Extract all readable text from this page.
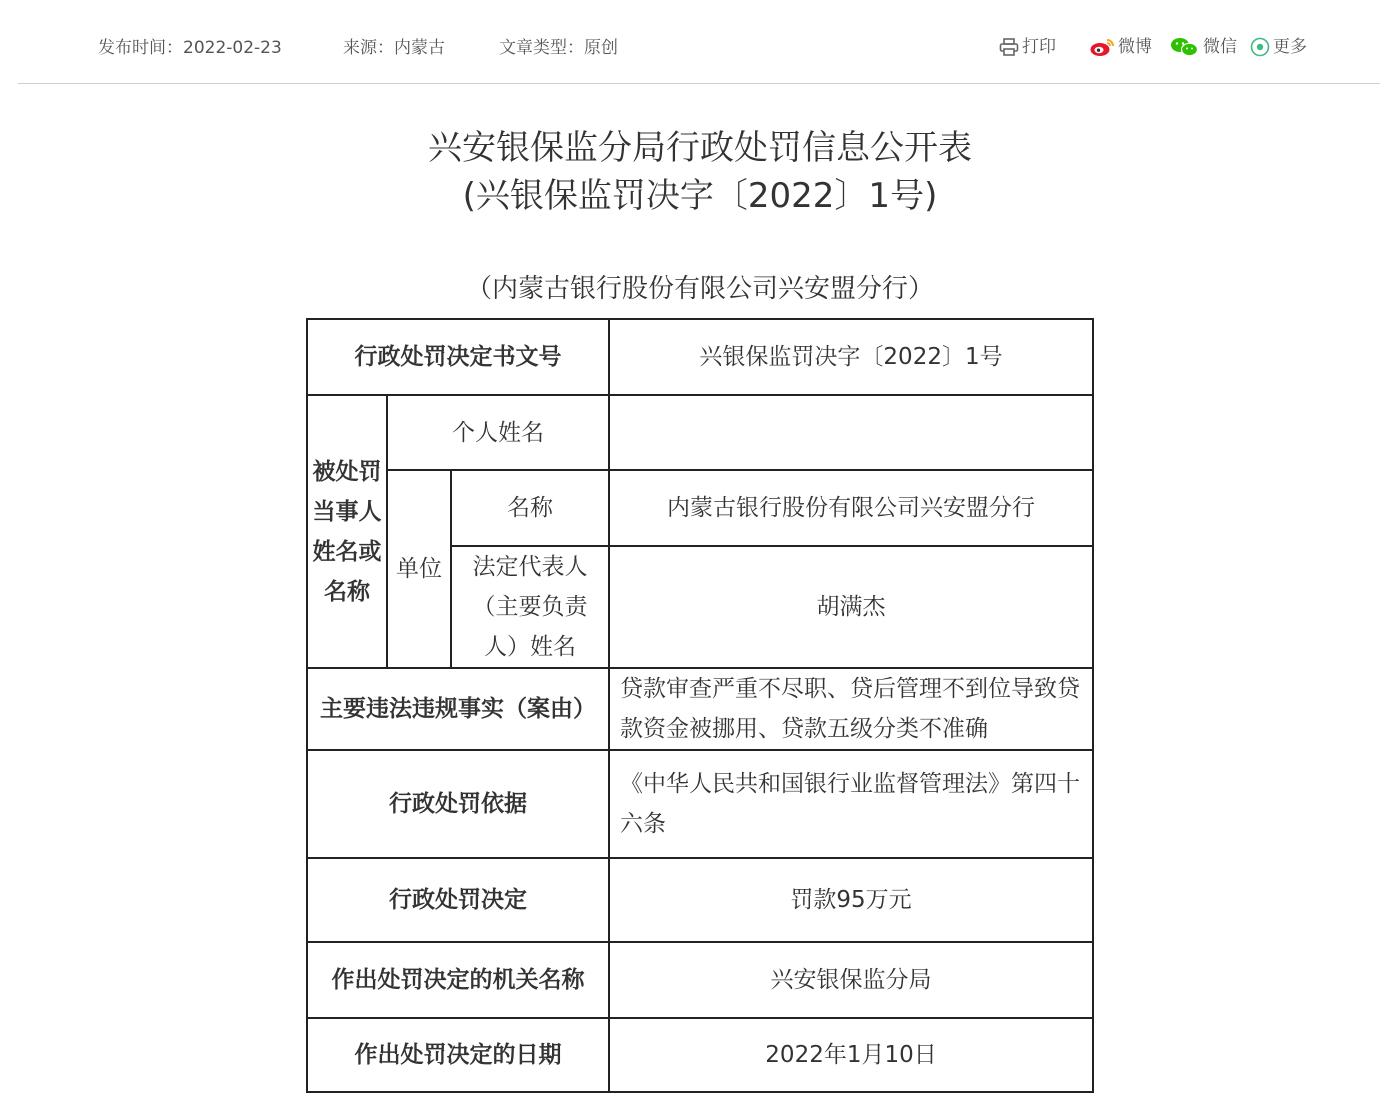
发布时间：2022-02-23	来源：内蒙古	文章类型：原创	打印	微博	微信 更多
兴安银保监分局行政处罚信息公开表
(兴银保监罚决字〔2022〕1号)
（内蒙古银行股份有限公司兴安盟分行）
行政处罚决定书文号			兴银保监罚决字〔2022〕1号
被处罚当事人姓名或名称	个人姓名		
	单位	名称	内蒙古银行股份有限公司兴安盟分行
		法定代表人（主要负责人）姓名	胡满杰
主要违法违规事实（案由）			贷款审查严重不尽职、贷后管理不到位导致贷款资金被挪用、贷款五级分类不准确
行政处罚依据			《中华人民共和国银行业监督管理法》第四十六条
行政处罚决定			罚款95万元
作出处罚决定的机关名称			兴安银保监分局
作出处罚决定的日期			2022年1月10日
